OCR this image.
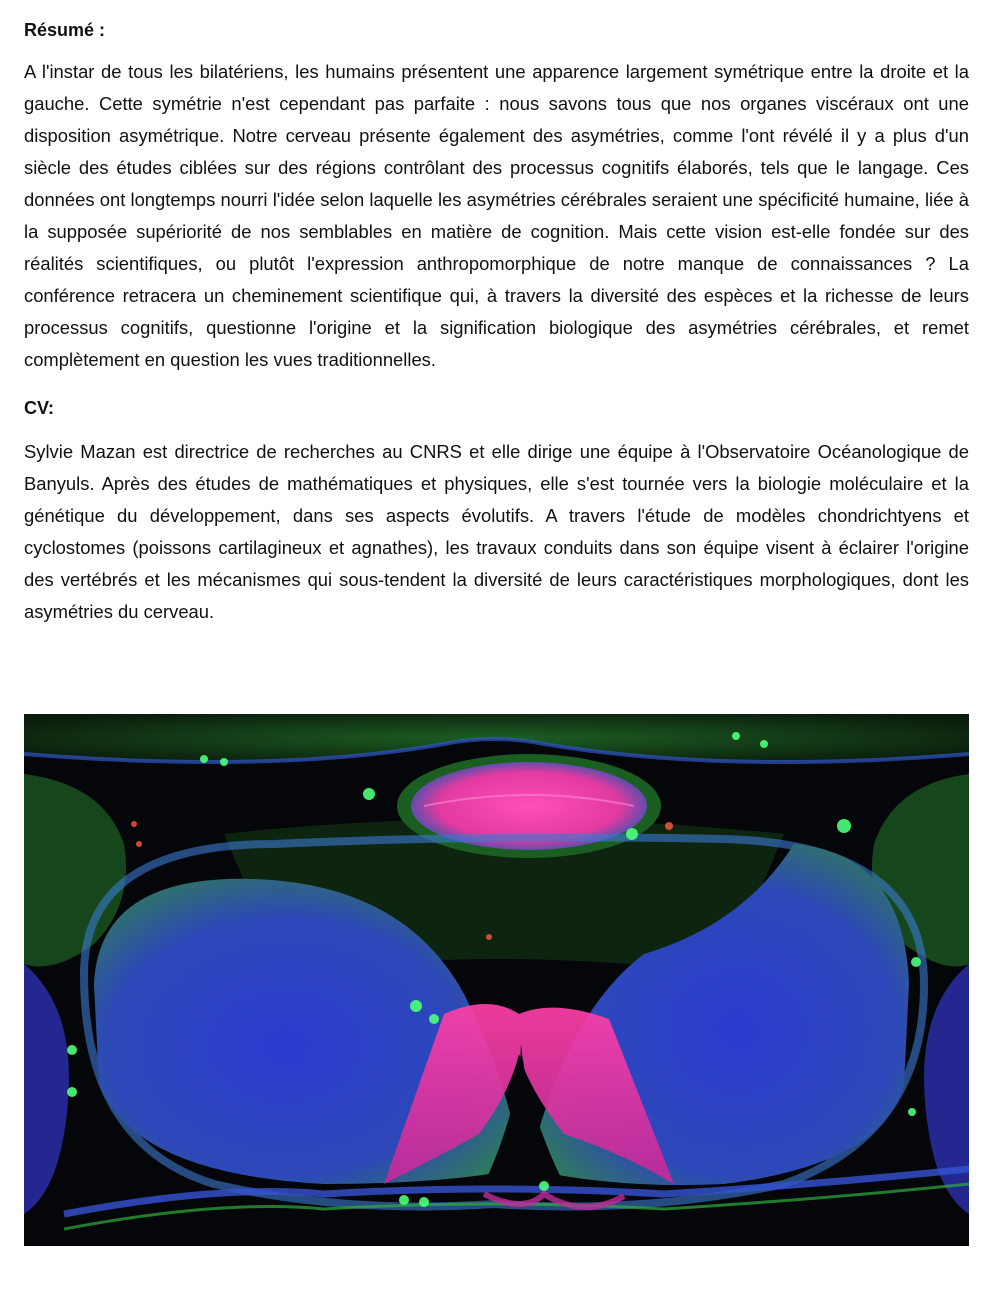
Résumé :

A l'instar de tous les bilatériens, les humains présentent une apparence largement symétrique entre la droite et la gauche. Cette symétrie n'est cependant pas parfaite : nous savons tous que nos organes viscéraux ont une disposition asymétrique. Notre cerveau présente également des asymétries, comme l'ont révélé il y a plus d'un siècle des études ciblées sur des régions contrôlant des processus cognitifs élaborés, tels que le langage. Ces données ont longtemps nourri l'idée selon laquelle les asymétries cérébrales seraient une spécificité humaine, liée à la supposée supériorité de nos semblables en matière de cognition. Mais cette vision est-elle fondée sur des réalités scientifiques, ou plutôt l'expression anthropomorphique de notre manque de connaissances ? La conférence retracera un cheminement scientifique qui, à travers la diversité des espèces et la richesse de leurs processus cognitifs, questionne l'origine et la signification biologique des asymétries cérébrales, et remet complètement en question les vues traditionnelles.

CV:

Sylvie Mazan est directrice de recherches au CNRS et elle dirige une équipe à l'Observatoire Océanologique de Banyuls. Après des études de mathématiques et physiques, elle s'est tournée vers la biologie moléculaire et la génétique du développement, dans ses aspects évolutifs. A travers l'étude de modèles chondrichtyens et cyclostomes (poissons cartilagineux et agnathes), les travaux conduits dans son équipe visent à éclairer l'origine des vertébrés et les mécanismes qui sous-tendent la diversité de leurs caractéristiques morphologiques, dont les asymétries du cerveau.
